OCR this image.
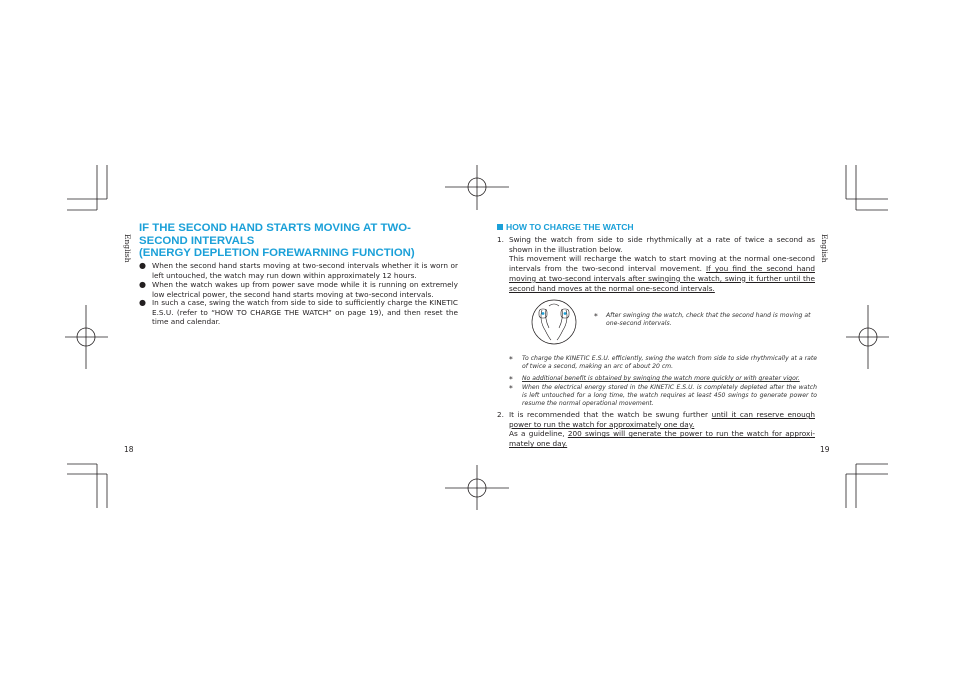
English
IF THE SECOND HAND STARTS MOVING AT TWO-
SECOND INTERVALS
(ENERGY DEPLETION FOREWARNING FUNCTION)
● When the second hand starts moving at two-second intervals whether it is worn or left untouched, the watch may run down within approximately 12 hours.
● When the watch wakes up from power save mode while it is running on extremely low electrical power, the second hand starts moving at two-second intervals.
● In such a case, swing the watch from side to side to sufficiently charge the KINETIC E.S.U. (refer to “HOW TO CHARGE THE WATCH” on page 19), and then reset the time and calendar.
18
English
HOW TO CHARGE THE WATCH
1. Swing the watch from side to side rhythmically at a rate of twice a second as shown in the illustration below.
This movement will recharge the watch to start moving at the normal one-second intervals from the two-second interval movement. If you find the second hand moving at two-second intervals after swinging the watch, swing it further until the second hand moves at the normal one-second intervals.
* After swinging the watch, check that the second hand is moving at one-second intervals.
* To charge the KINETIC E.S.U. efficiently, swing the watch from side to side rhythmically at a rate of twice a second, making an arc of about 20 cm.
* No additional benefit is obtained by swinging the watch more quickly or with greater vigor.
* When the electrical energy stored in the KINETIC E.S.U. is completely depleted after the watch is left untouched for a long time, the watch requires at least 450 swings to generate power to resume the normal operational movement.
2. It is recommended that the watch be swung further until it can reserve enough power to run the watch for approximately one day.
As a guideline, 200 swings will generate the power to run the watch for approxi-mately one day.
19
